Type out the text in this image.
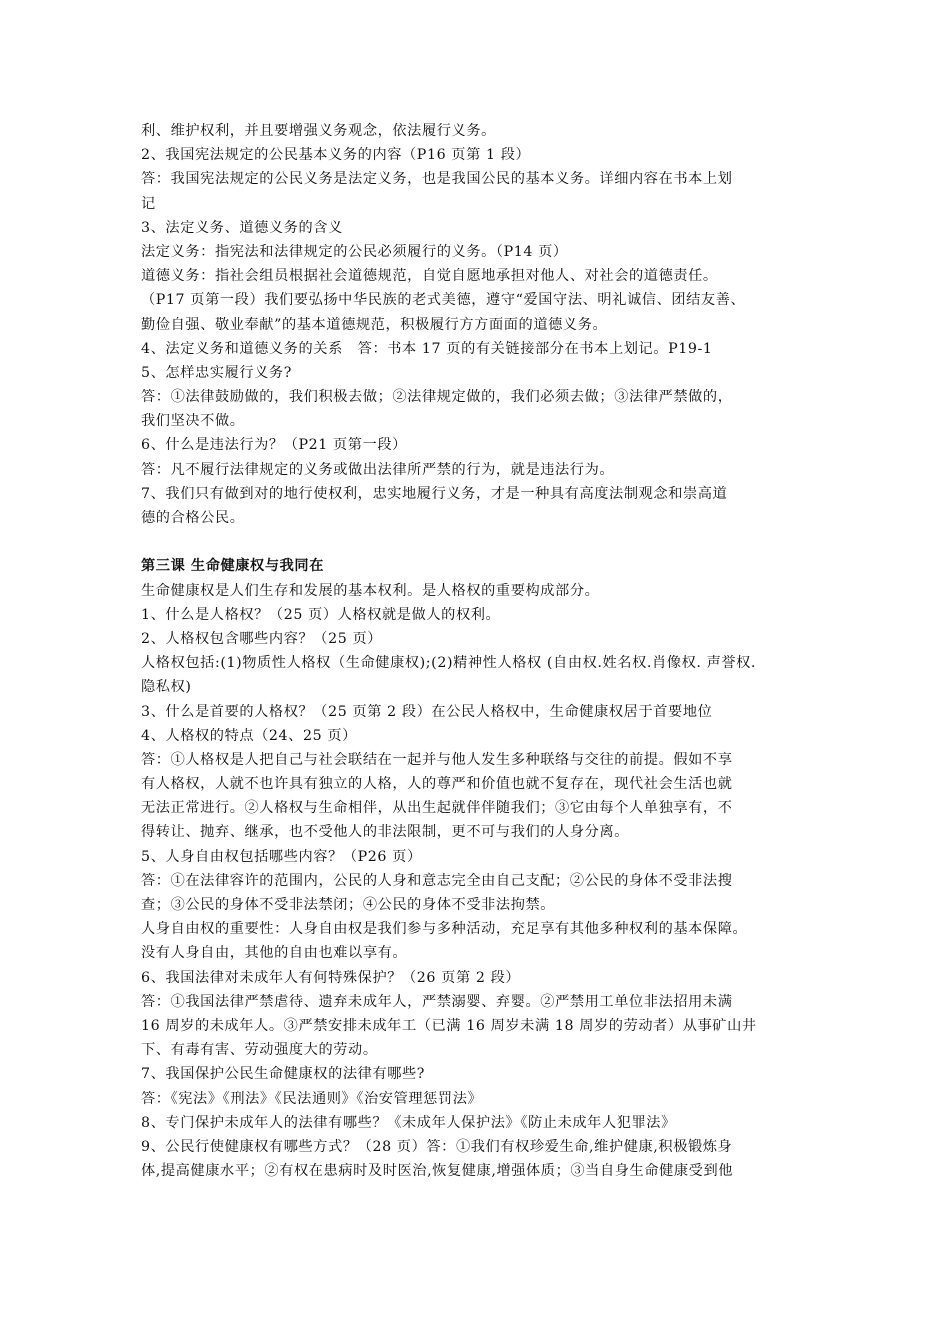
利、维护权利，并且要增强义务观念，依法履行义务。
2、我国宪法规定的公民基本义务的内容（P16 页第 1 段）
答：我国宪法规定的公民义务是法定义务，也是我国公民的基本义务。详细内容在书本上划
记
3、法定义务、道德义务的含义
法定义务：指宪法和法律规定的公民必须履行的义务。（P14 页）
道德义务：指社会组员根据社会道德规范，自觉自愿地承担对他人、对社会的道德责任。
（P17 页第一段）我们要弘扬中华民族的老式美德，遵守“爱国守法、明礼诚信、团结友善、
勤俭自强、敬业奉献”的基本道德规范，积极履行方方面面的道德义务。
4、法定义务和道德义务的关系　答：书本 17 页的有关链接部分在书本上划记。P19-1
5、怎样忠实履行义务?
答：①法律鼓励做的，我们积极去做；②法律规定做的，我们必须去做；③法律严禁做的，
我们坚决不做。
6、什么是违法行为？（P21 页第一段）
答：凡不履行法律规定的义务或做出法律所严禁的行为，就是违法行为。
7、我们只有做到对的地行使权利，忠实地履行义务，才是一种具有高度法制观念和崇高道
德的合格公民。
第三课 生命健康权与我同在
生命健康权是人们生存和发展的基本权利。是人格权的重要构成部分。
1、什么是人格权？（25 页）人格权就是做人的权利。
2、人格权包含哪些内容？（25 页）
人格权包括:(1)物质性人格权（生命健康权);(2)精神性人格权 (自由权.姓名权.肖像权. 声誉权.
隐私权)
3、什么是首要的人格权？（25 页第 2 段）在公民人格权中，生命健康权居于首要地位
4、人格权的特点（24、25 页）
答：①人格权是人把自己与社会联结在一起并与他人发生多种联络与交往的前提。假如不享
有人格权，人就不也许具有独立的人格，人的尊严和价值也就不复存在，现代社会生活也就
无法正常进行。②人格权与生命相伴，从出生起就伴伴随我们；③它由每个人单独享有，不
得转让、抛弃、继承，也不受他人的非法限制，更不可与我们的人身分离。
5、人身自由权包括哪些内容？（P26 页）
答：①在法律容许的范围内，公民的人身和意志完全由自己支配；②公民的身体不受非法搜
查；③公民的身体不受非法禁闭；④公民的身体不受非法拘禁。
人身自由权的重要性：人身自由权是我们参与多种活动，充足享有其他多种权利的基本保障。
没有人身自由，其他的自由也难以享有。
6、我国法律对未成年人有何特殊保护？（26 页第 2 段）
答：①我国法律严禁虐待、遗弃未成年人，严禁溺婴、弃婴。②严禁用工单位非法招用未满
16 周岁的未成年人。③严禁安排未成年工（已满 16 周岁未满 18 周岁的劳动者）从事矿山井
下、有毒有害、劳动强度大的劳动。
7、我国保护公民生命健康权的法律有哪些?
答：《宪法》《刑法》《民法通则》《治安管理惩罚法》
8、专门保护未成年人的法律有哪些？《未成年人保护法》《防止未成年人犯罪法》
9、公民行使健康权有哪些方式？（28 页）答：①我们有权珍爱生命,维护健康,积极锻炼身
体,提高健康水平；②有权在患病时及时医治,恢复健康,增强体质；③当自身生命健康受到他
